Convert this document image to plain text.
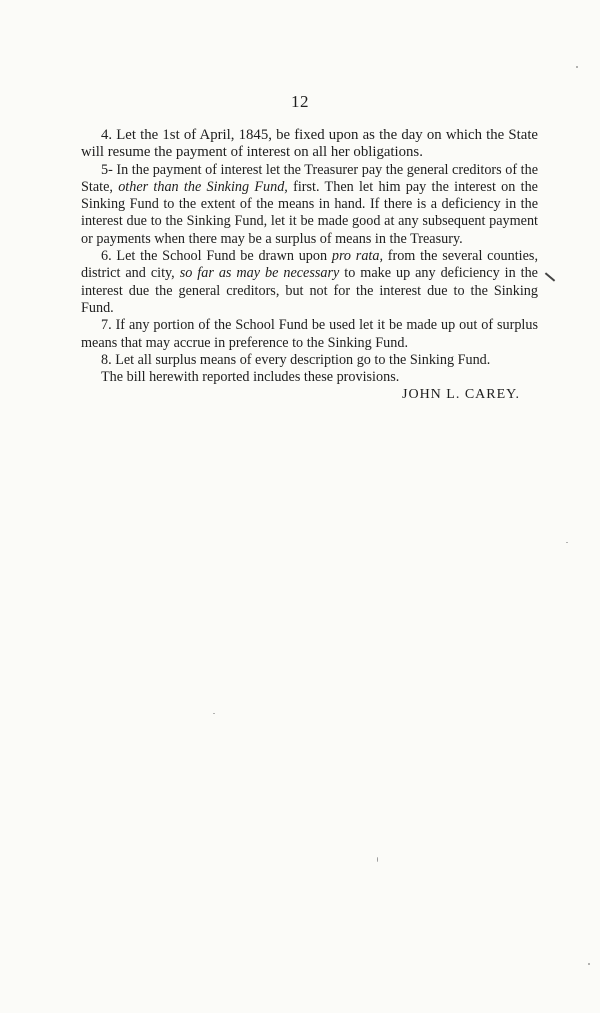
12

4. Let the 1st of April, 1845, be fixed upon as the day on which the State will resume the payment of interest on all her obligations.

5- In the payment of interest let the Treasurer pay the general creditors of the State, other than the Sinking Fund, first. Then let him pay the interest on the Sinking Fund to the extent of the means in hand. If there is a deficiency in the interest due to the Sinking Fund, let it be made good at any subsequent payment or payments when there may be a surplus of means in the Treasury.

6. Let the School Fund be drawn upon pro rata, from the several counties, district and city, so far as may be necessary to make up any deficiency in the interest due the general creditors, but not for the interest due to the Sinking Fund.

7. If any portion of the School Fund be used let it be made up out of surplus means that may accrue in preference to the Sinking Fund.

8. Let all surplus means of every description go to the Sinking Fund.

The bill herewith reported includes these provisions.

JOHN L. CAREY.
